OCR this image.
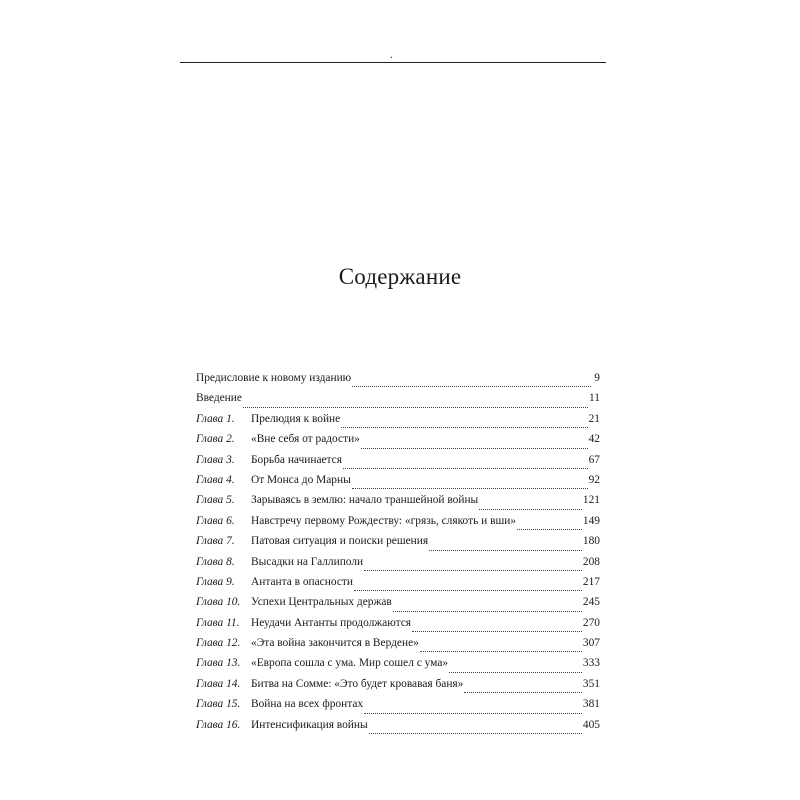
.
Содержание
Предисловие к новому изданию	9
Введение	11
Глава 1.	Прелюдия к войне	21
Глава 2.	«Вне себя от радости»	42
Глава 3.	Борьба начинается	67
Глава 4.	От Монса до Марны	92
Глава 5.	Зарываясь в землю: начало траншейной войны	121
Глава 6.	Навстречу первому Рождеству: «грязь, слякоть и вши»	149
Глава 7.	Патовая ситуация и поиски решения	180
Глава 8.	Высадки на Галлиполи	208
Глава 9.	Антанта в опасности	217
Глава 10. Успехи Центральных держав	245
Глава 11.	Неудачи Антанты продолжаются	270
Глава 12. «Эта война закончится в Вердене»	307
Глава 13. «Европа сошла с ума. Мир сошел с ума»	333
Глава 14. Битва на Сомме: «Это будет кровавая баня»	351
Глава 15. Война на всех фронтах	381
Глава 16. Интенсификация войны	405
